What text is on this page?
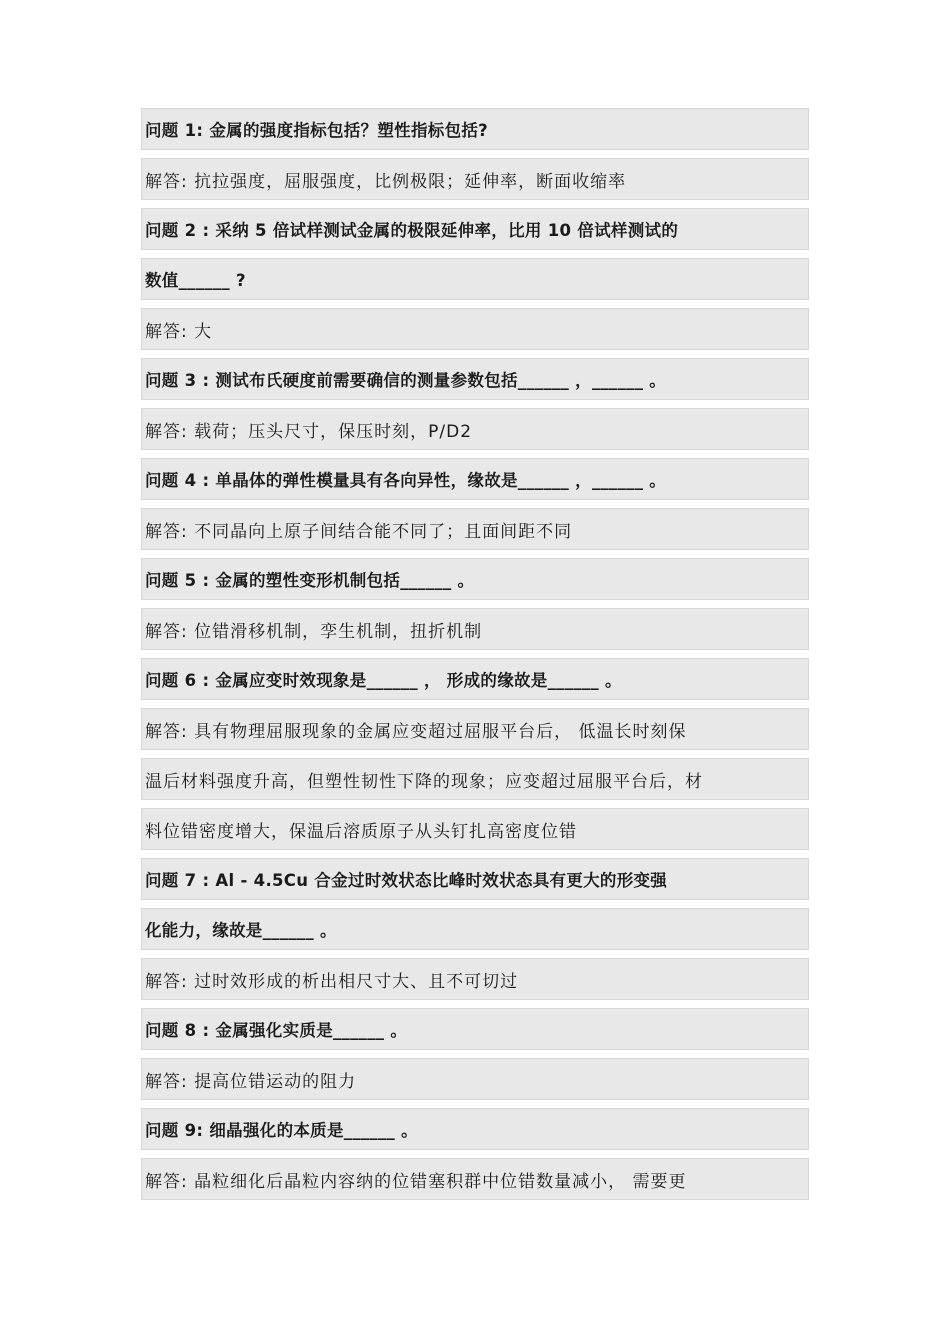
问题 1: 金属的强度指标包括？塑性指标包括?
解答: 抗拉强度，屈服强度，比例极限；延伸率，断面收缩率
问题 2 : 采纳 5 倍试样测试金属的极限延伸率，比用 10 倍试样测试的
数值______ ?
解答: 大
问题 3 : 测试布氏硬度前需要确信的测量参数包括______ ，______ 。
解答: 载荷；压头尺寸，保压时刻，P/D2
问题 4 : 单晶体的弹性模量具有各向异性，缘故是______ ，______ 。
解答: 不同晶向上原子间结合能不同了；且面间距不同
问题 5 : 金属的塑性变形机制包括______ 。
解答: 位错滑移机制，孪生机制，扭折机制
问题 6 : 金属应变时效现象是______ ， 形成的缘故是______ 。
解答: 具有物理屈服现象的金属应变超过屈服平台后， 低温长时刻保
温后材料强度升高，但塑性韧性下降的现象；应变超过屈服平台后，材
料位错密度增大，保温后溶质原子从头钉扎高密度位错
问题 7 : Al - 4.5Cu 合金过时效状态比峰时效状态具有更大的形变强
化能力，缘故是______ 。
解答: 过时效形成的析出相尺寸大、且不可切过
问题 8 : 金属强化实质是______ 。
解答: 提高位错运动的阻力
问题 9: 细晶强化的本质是______ 。
解答: 晶粒细化后晶粒内容纳的位错塞积群中位错数量减小， 需要更
